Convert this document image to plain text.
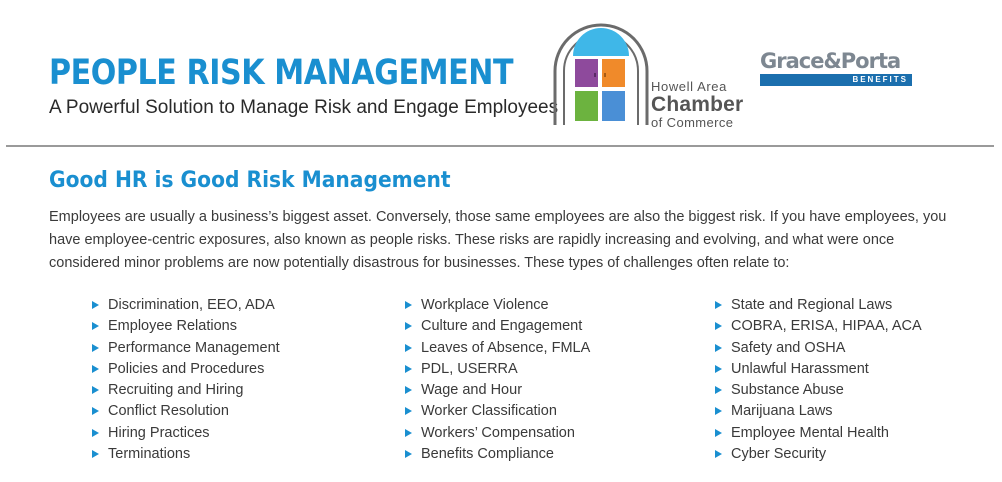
PEOPLE RISK MANAGEMENT
A Powerful Solution to Manage Risk and Engage Employees
Howell Area
Chamber
of Commerce
Grace&Porta
BENEFITS
Good HR is Good Risk Management

Employees are usually a business’s biggest asset. Conversely, those same employees are also the biggest risk. If you have employees, you have employee-centric exposures, also known as people risks. These risks are rapidly increasing and evolving, and what were once considered minor problems are now potentially disastrous for businesses. These types of challenges often relate to:

Discrimination, EEO, ADA
Employee Relations
Performance Management
Policies and Procedures
Recruiting and Hiring
Conflict Resolution
Hiring Practices
Terminations
Workplace Violence
Culture and Engagement
Leaves of Absence, FMLA
PDL, USERRA
Wage and Hour
Worker Classification
Workers’ Compensation
Benefits Compliance
State and Regional Laws
COBRA, ERISA, HIPAA, ACA
Safety and OSHA
Unlawful Harassment
Substance Abuse
Marijuana Laws
Employee Mental Health
Cyber Security
